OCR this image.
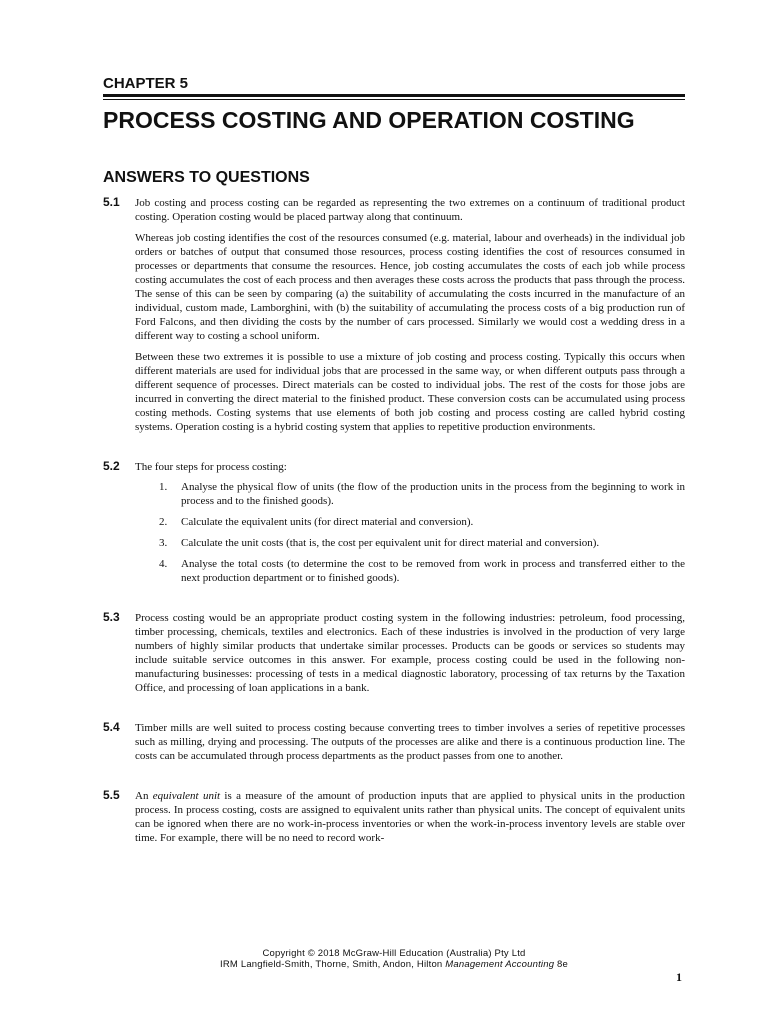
CHAPTER 5
PROCESS COSTING AND OPERATION COSTING
ANSWERS TO QUESTIONS
5.1 Job costing and process costing can be regarded as representing the two extremes on a continuum of traditional product costing. Operation costing would be placed partway along that continuum.

Whereas job costing identifies the cost of the resources consumed (e.g. material, labour and overheads) in the individual job orders or batches of output that consumed those resources, process costing identifies the cost of resources consumed in processes or departments that consume the resources. Hence, job costing accumulates the costs of each job while process costing accumulates the cost of each process and then averages these costs across the products that pass through the process. The sense of this can be seen by comparing (a) the suitability of accumulating the costs incurred in the manufacture of an individual, custom made, Lamborghini, with (b) the suitability of accumulating the process costs of a big production run of Ford Falcons, and then dividing the costs by the number of cars processed. Similarly we would cost a wedding dress in a different way to costing a school uniform.

Between these two extremes it is possible to use a mixture of job costing and process costing. Typically this occurs when different materials are used for individual jobs that are processed in the same way, or when different outputs pass through a different sequence of processes. Direct materials can be costed to individual jobs. The rest of the costs for those jobs are incurred in converting the direct material to the finished product. These conversion costs can be accumulated using process costing methods. Costing systems that use elements of both job costing and process costing are called hybrid costing systems. Operation costing is a hybrid costing system that applies to repetitive production environments.

5.2 The four steps for process costing:

1. Analyse the physical flow of units (the flow of the production units in the process from the beginning to work in process and to the finished goods).
2. Calculate the equivalent units (for direct material and conversion).
3. Calculate the unit costs (that is, the cost per equivalent unit for direct material and conversion).
4. Analyse the total costs (to determine the cost to be removed from work in process and transferred either to the next production department or to finished goods).
5.3 Process costing would be an appropriate product costing system in the following industries: petroleum, food processing, timber processing, chemicals, textiles and electronics. Each of these industries is involved in the production of very large numbers of highly similar products that undertake similar processes. Products can be goods or services so students may include suitable service outcomes in this answer. For example, process costing could be used in the following non-manufacturing businesses: processing of tests in a medical diagnostic laboratory, processing of tax returns by the Taxation Office, and processing of loan applications in a bank.

5.4 Timber mills are well suited to process costing because converting trees to timber involves a series of repetitive processes such as milling, drying and processing. The outputs of the processes are alike and there is a continuous production line. The costs can be accumulated through process departments as the product passes from one to another.

5.5 An equivalent unit is a measure of the amount of production inputs that are applied to physical units in the production process. In process costing, costs are assigned to equivalent units rather than physical units. The concept of equivalent units can be ignored when there are no work-in-process inventories or when the work-in-process inventory levels are stable over time. For example, there will be no need to record work-

Copyright © 2018 McGraw-Hill Education (Australia) Pty Ltd
IRM Langfield-Smith, Thorne, Smith, Andon, Hilton Management Accounting 8e
1
